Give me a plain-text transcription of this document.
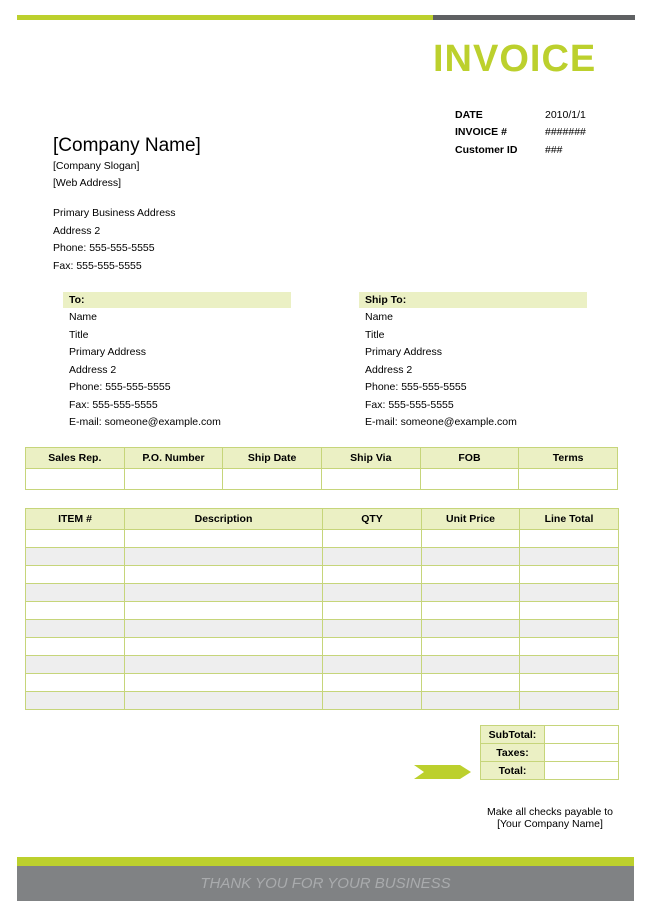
INVOICE
DATE	2010/1/1
INVOICE #	#######
Customer ID	###
[Company Name]
[Company Slogan]
[Web Address]
Primary Business Address
Address 2
Phone: 555-555-5555
Fax: 555-555-5555
To:
Name
Title
Primary Address
Address 2
Phone: 555-555-5555
Fax: 555-555-5555
E-mail: someone@example.com
Ship To:
Name
Title
Primary Address
Address 2
Phone: 555-555-5555
Fax: 555-555-5555
E-mail: someone@example.com
Sales Rep.	P.O. Number	Ship Date	Ship Via	FOB	Terms

ITEM #	Description	QTY	Unit Price	Line Total

SubTotal:	
Taxes:	
Total:	
Make all checks payable to
[Your Company Name]
THANK YOU FOR YOUR BUSINESS
